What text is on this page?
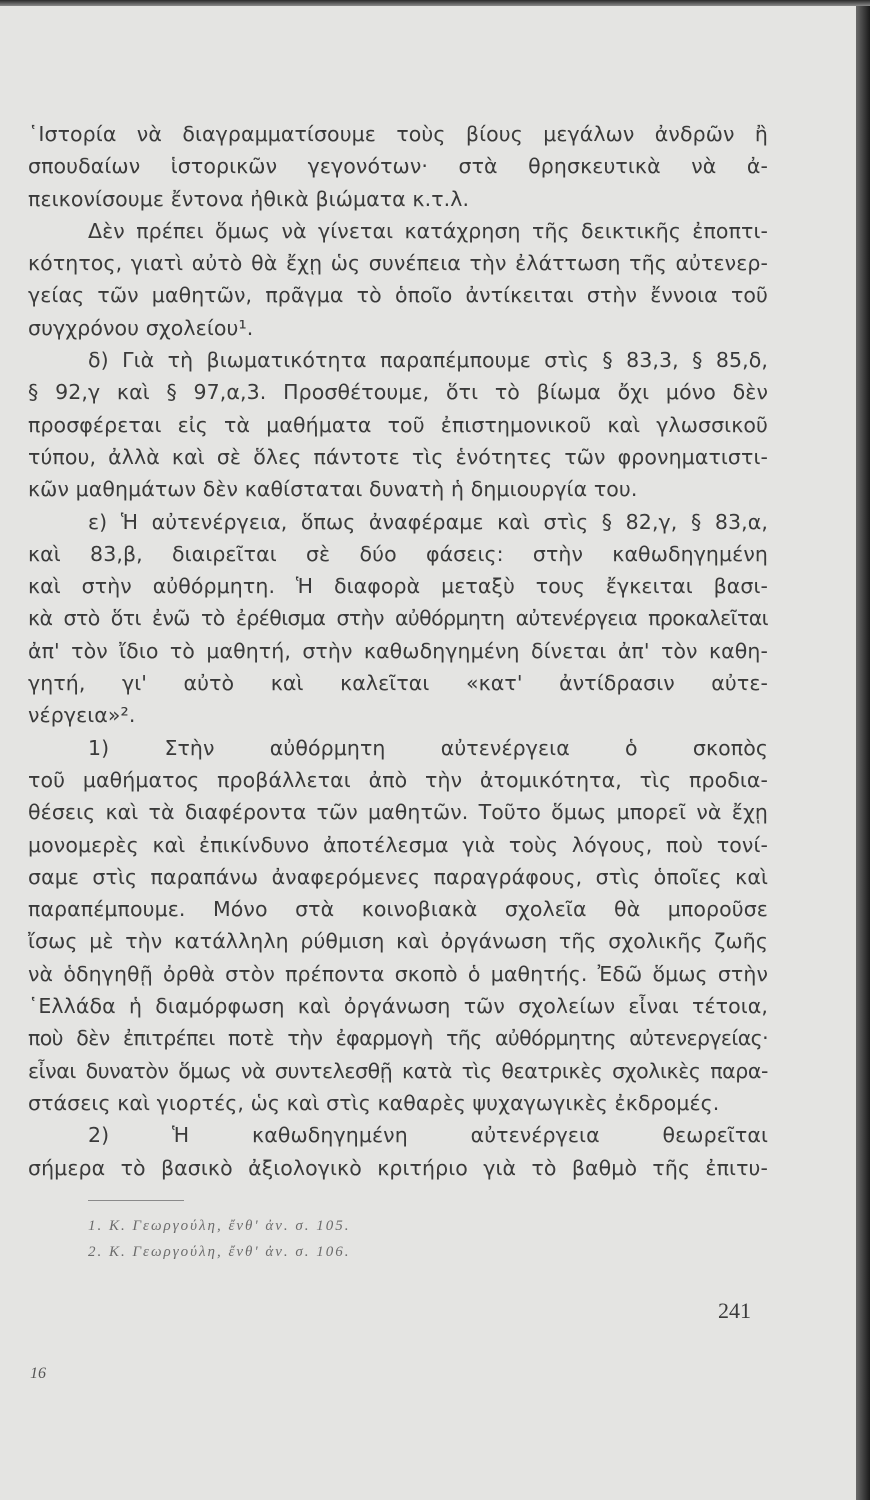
῾Ιστορία νὰ διαγραμματίσουμε τοὺς βίους μεγάλων ἀνδρῶν ἢ
σπουδαίων ἱστορικῶν γεγονότων· στὰ θρησκευτικὰ νὰ ἀ-
πεικονίσουμε ἔντονα ἠθικὰ βιώματα κ.τ.λ.
Δὲν πρέπει ὅμως νὰ γίνεται κατάχρηση τῆς δεικτικῆς ἐποπτι-
κότητος, γιατὶ αὐτὸ θὰ ἔχῃ ὡς συνέπεια τὴν ἐλάττωση τῆς αὐτενερ-
γείας τῶν μαθητῶν, πρᾶγμα τὸ ὁποῖο ἀντίκειται στὴν ἔννοια τοῦ
συγχρόνου σχολείου¹.
δ) Γιὰ τὴ βιωματικότητα παραπέμπουμε στὶς § 83,3, § 85,δ,
§ 92,γ καὶ § 97,α,3. Προσθέτουμε, ὅτι τὸ βίωμα ὄχι μόνο δὲν
προσφέρεται εἰς τὰ μαθήματα τοῦ ἐπιστημονικοῦ καὶ γλωσσικοῦ
τύπου, ἀλλὰ καὶ σὲ ὅλες πάντοτε τὶς ἑνότητες τῶν φρονηματιστι-
κῶν μαθημάτων δὲν καθίσταται δυνατὴ ἡ δημιουργία του.
ε) Ἡ αὐτενέργεια, ὅπως ἀναφέραμε καὶ στὶς § 82,γ, § 83,α,
καὶ 83,β, διαιρεῖται σὲ δύο φάσεις: στὴν καθωδηγημένη
καὶ στὴν αὐθόρμητη. Ἡ διαφορὰ μεταξὺ τους ἔγκειται βασι-
κὰ στὸ ὅτι ἐνῶ τὸ ἐρέθισμα στὴν αὐθόρμητη αὐτενέργεια προκαλεῖται
ἀπ' τὸν ἴδιο τὸ μαθητή, στὴν καθωδηγημένη δίνεται ἀπ' τὸν καθη-
γητή, γι' αὐτὸ καὶ καλεῖται «κατ' ἀντίδρασιν αὐτε-
νέργεια»².
1) Στὴν αὐθόρμητη αὐτενέργεια ὁ σκοπὸς
τοῦ μαθήματος προβάλλεται ἀπὸ τὴν ἀτομικότητα, τὶς προδια-
θέσεις καὶ τὰ διαφέροντα τῶν μαθητῶν. Τοῦτο ὅμως μπορεῖ νὰ ἔχῃ
μονομερὲς καὶ ἐπικίνδυνο ἀποτέλεσμα γιὰ τοὺς λόγους, ποὺ τονί-
σαμε στὶς παραπάνω ἀναφερόμενες παραγράφους, στὶς ὁποῖες καὶ
παραπέμπουμε. Μόνο στὰ κοινοβιακὰ σχολεῖα θὰ μποροῦσε
ἴσως μὲ τὴν κατάλληλη ρύθμιση καὶ ὀργάνωση τῆς σχολικῆς ζωῆς
νὰ ὁδηγηθῇ ὀρθὰ στὸν πρέποντα σκοπὸ ὁ μαθητής. Ἐδῶ ὅμως στὴν
῾Ελλάδα ἡ διαμόρφωση καὶ ὀργάνωση τῶν σχολείων εἶναι τέτοια,
ποὺ δὲν ἐπιτρέπει ποτὲ τὴν ἐφαρμογὴ τῆς αὐθόρμητης αὐτενεργείας·
εἶναι δυνατὸν ὅμως νὰ συντελεσθῇ κατὰ τὶς θεατρικὲς σχολικὲς παρα-
στάσεις καὶ γιορτές, ὡς καὶ στὶς καθαρὲς ψυχαγωγικὲς ἐκδρομές.
2) Ἡ καθωδηγημένη αὐτενέργεια θεωρεῖται
σήμερα τὸ βασικὸ ἀξιολογικὸ κριτήριο γιὰ τὸ βαθμὸ τῆς ἐπιτυ-
1. Κ. Γεωργούλη, ἔνθ' ἀν. σ. 105.
2. Κ. Γεωργούλη, ἔνθ' ἀν. σ. 106.
241
16
